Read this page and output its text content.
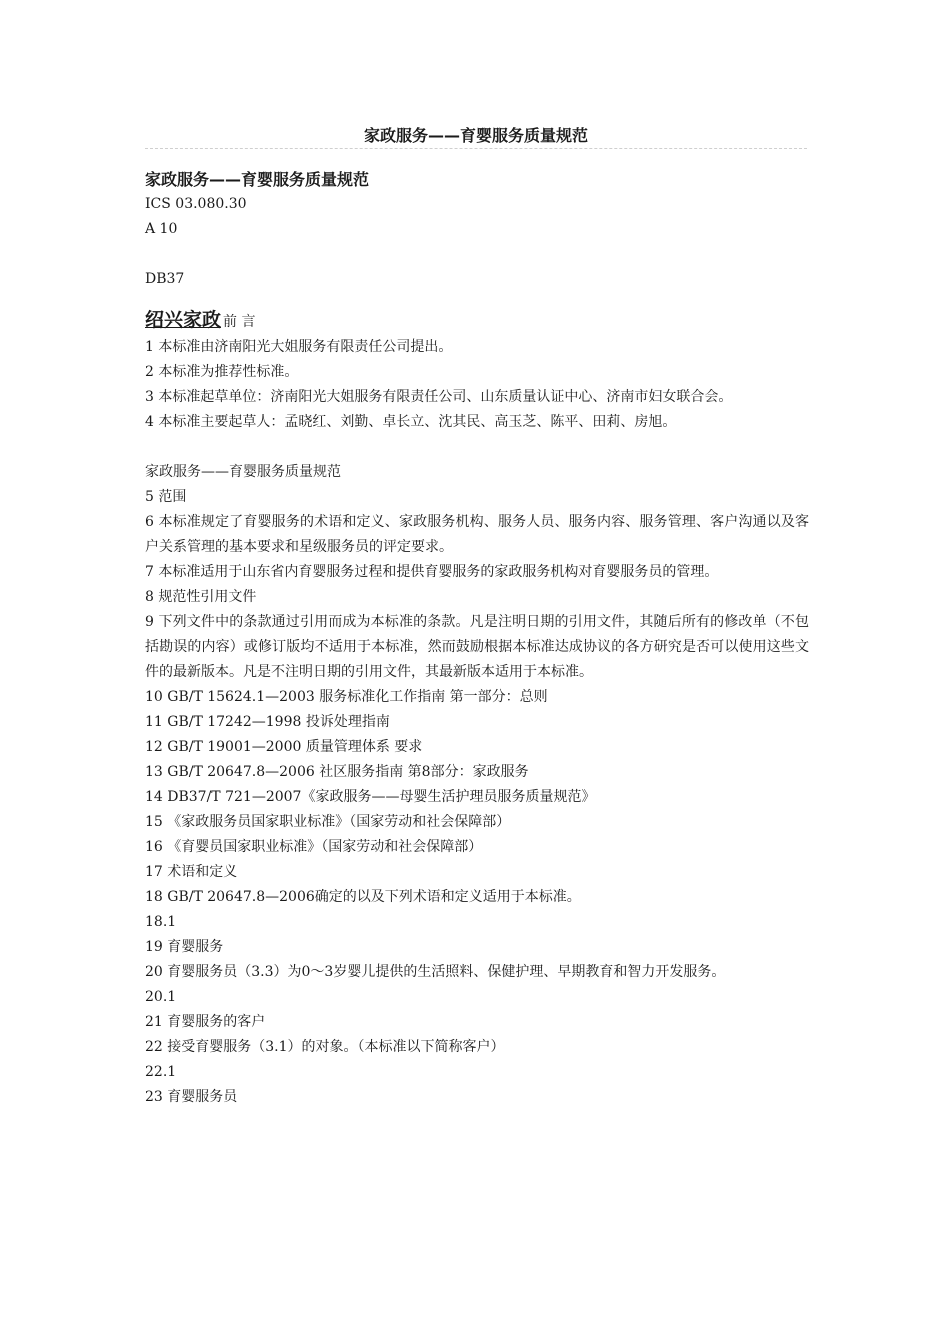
家政服务——育婴服务质量规范
家政服务——育婴服务质量规范
ICS 03.080.30
A 10
DB37
绍兴家政 前 言

1 本标准由济南阳光大姐服务有限责任公司提出。

2 本标准为推荐性标准。

3 本标准起草单位：济南阳光大姐服务有限责任公司、山东质量认证中心、济南市妇女联合会。

4 本标准主要起草人：孟晓红、刘勤、卓长立、沈其民、高玉芝、陈平、田莉、房旭。

家政服务——育婴服务质量规范

5 范围

6 本标准规定了育婴服务的术语和定义、家政服务机构、服务人员、服务内容、服务管理、客户沟通以及客户关系管理的基本要求和星级服务员的评定要求。

7 本标准适用于山东省内育婴服务过程和提供育婴服务的家政服务机构对育婴服务员的管理。

8 规范性引用文件

9 下列文件中的条款通过引用而成为本标准的条款。凡是注明日期的引用文件，其随后所有的修改单（不包括勘误的内容）或修订版均不适用于本标准，然而鼓励根据本标准达成协议的各方研究是否可以使用这些文件的最新版本。凡是不注明日期的引用文件，其最新版本适用于本标准。

10 GB/T 15624.1—2003 服务标准化工作指南 第一部分：总则

11 GB/T 17242—1998 投诉处理指南

12 GB/T 19001—2000 质量管理体系 要求

13 GB/T 20647.8—2006 社区服务指南 第8部分：家政服务

14 DB37/T 721—2007《家政服务——母婴生活护理员服务质量规范》

15 《家政服务员国家职业标准》（国家劳动和社会保障部）

16 《育婴员国家职业标准》（国家劳动和社会保障部）

17 术语和定义

18 GB/T 20647.8—2006确定的以及下列术语和定义适用于本标准。

18.1

19 育婴服务

20 育婴服务员（3.3）为0～3岁婴儿提供的生活照料、保健护理、早期教育和智力开发服务。

20.1

21 育婴服务的客户

22 接受育婴服务（3.1）的对象。（本标准以下简称客户）

22.1

23 育婴服务员
